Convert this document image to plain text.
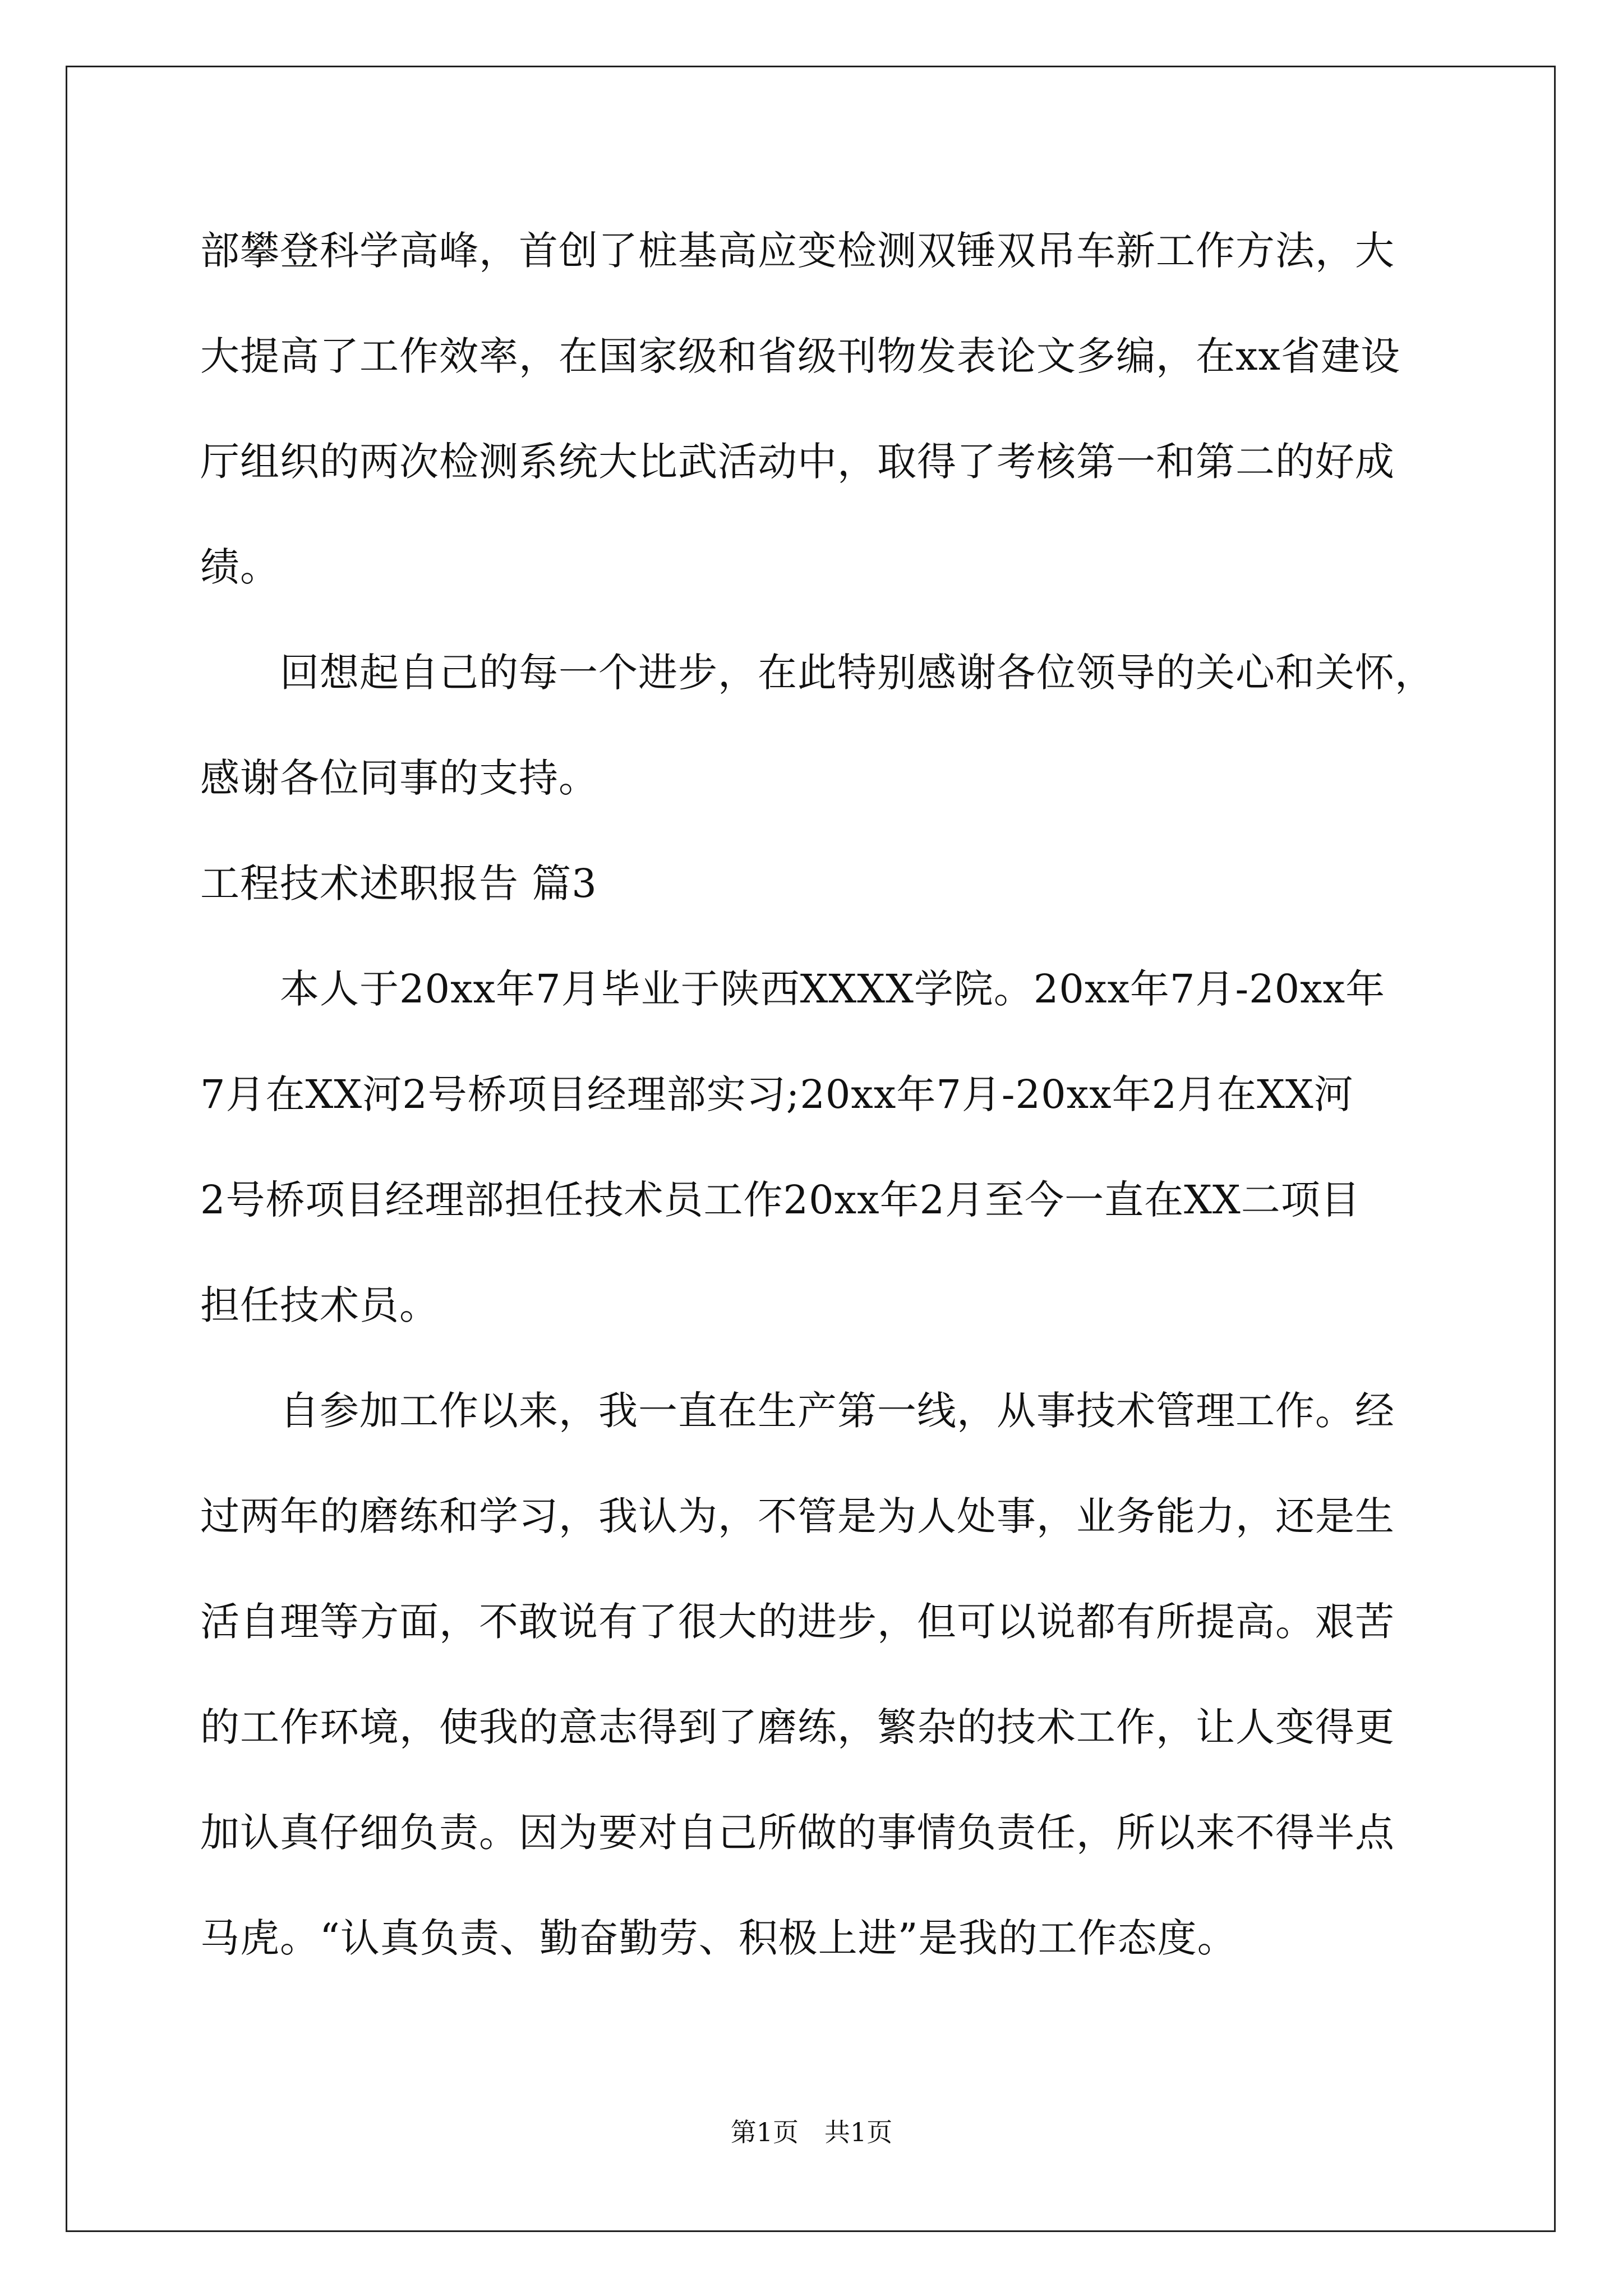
部攀登科学高峰，首创了桩基高应变检测双锤双吊车新工作方法，大
大提高了工作效率，在国家级和省级刊物发表论文多编，在xx省建设
厅组织的两次检测系统大比武活动中，取得了考核第一和第二的好成
绩。
　　回想起自己的每一个进步，在此特别感谢各位领导的关心和关怀，
感谢各位同事的支持。
工程技术述职报告 篇3
　　本人于20xx年7月毕业于陕西XXXX学院。20xx年7月-20xx年
7月在XX河2号桥项目经理部实习;20xx年7月-20xx年2月在XX河
2号桥项目经理部担任技术员工作20xx年2月至今一直在XX二项目
担任技术员。
　　自参加工作以来，我一直在生产第一线，从事技术管理工作。经
过两年的磨练和学习，我认为，不管是为人处事，业务能力，还是生
活自理等方面，不敢说有了很大的进步，但可以说都有所提高。艰苦
的工作环境，使我的意志得到了磨练，繁杂的技术工作，让人变得更
加认真仔细负责。因为要对自己所做的事情负责任，所以来不得半点
马虎。“认真负责、勤奋勤劳、积极上进”是我的工作态度。
第1页　共1页
